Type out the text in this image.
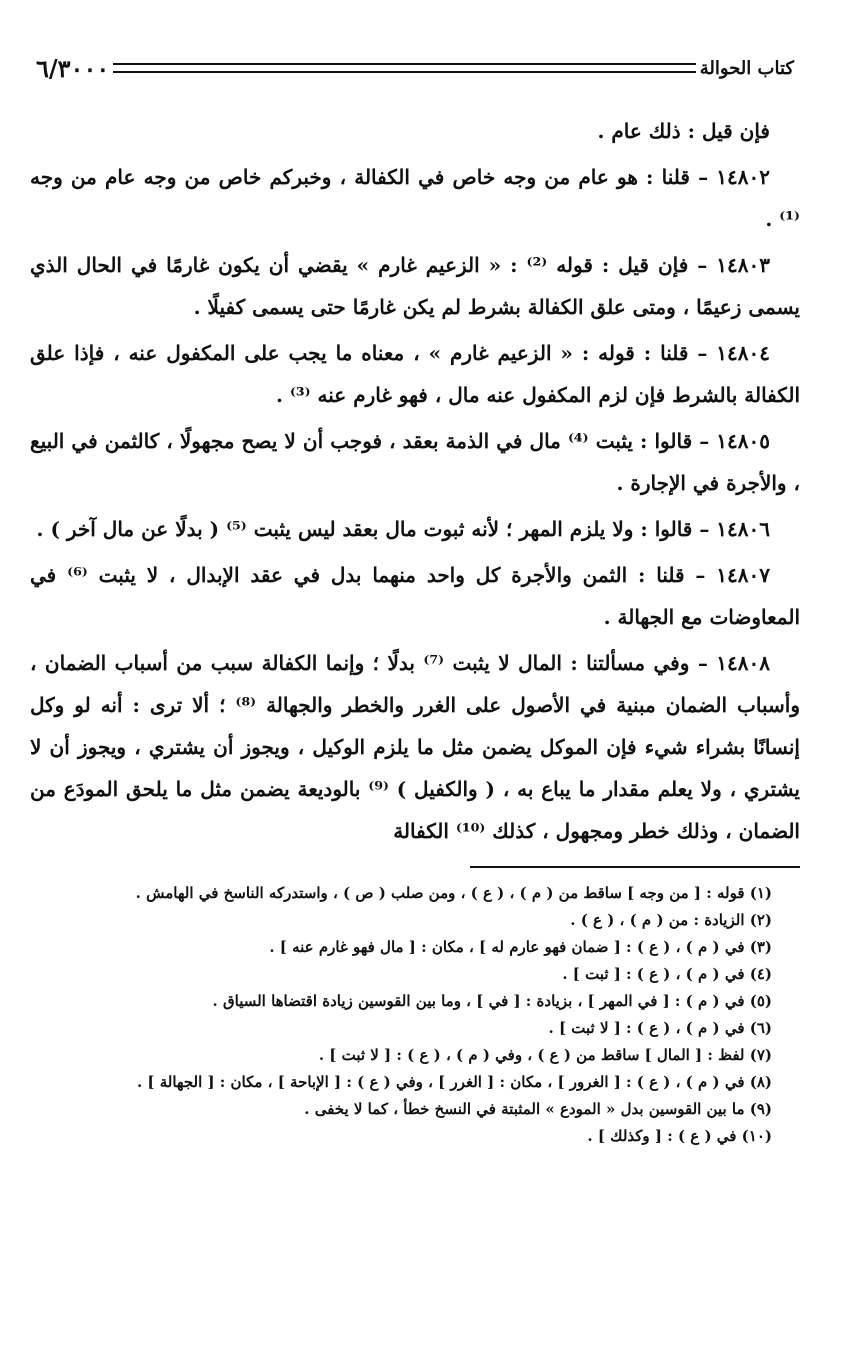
كتاب الحوالة
٦/٣٠٠٠

فإن قيل : ذلك عام .

١٤٨٠٢ – قلنا : هو عام من وجه خاص في الكفالة ، وخبركم خاص من وجه عام من وجه ⁽¹⁾ .

١٤٨٠٣ – فإن قيل : قوله ⁽²⁾ : « الزعيم غارم » يقضي أن يكون غارمًا في الحال الذي يسمى زعيمًا ، ومتى علق الكفالة بشرط لم يكن غارمًا حتى يسمى كفيلًا .

١٤٨٠٤ – قلنا : قوله : « الزعيم غارم » ، معناه ما يجب على المكفول عنه ، فإذا علق الكفالة بالشرط فإن لزم المكفول عنه مال ، فهو غارم عنه ⁽³⁾ .

١٤٨٠٥ – قالوا : يثبت ⁽⁴⁾ مال في الذمة بعقد ، فوجب أن لا يصح مجهولًا ، كالثمن في البيع ، والأجرة في الإجارة .

١٤٨٠٦ – قالوا : ولا يلزم المهر ؛ لأنه ثبوت مال بعقد ليس يثبت ⁽⁵⁾ ( بدلًا عن مال آخر ) .

١٤٨٠٧ – قلنا : الثمن والأجرة كل واحد منهما بدل في عقد الإبدال ، لا يثبت ⁽⁶⁾ في المعاوضات مع الجهالة .

١٤٨٠٨ – وفي مسألتنا : المال لا يثبت ⁽⁷⁾ بدلًا ؛ وإنما الكفالة سبب من أسباب الضمان ، وأسباب الضمان مبنية في الأصول على الغرر والخطر والجهالة ⁽⁸⁾ ؛ ألا ترى : أنه لو وكل إنسانًا بشراء شيء فإن الموكل يضمن مثل ما يلزم الوكيل ، ويجوز أن يشتري ، ويجوز أن لا يشتري ، ولا يعلم مقدار ما يباع به ، ( والكفيل ) ⁽⁹⁾ بالوديعة يضمن مثل ما يلحق المودَع من الضمان ، وذلك خطر ومجهول ، كذلك ⁽¹⁰⁾ الكفالة

(١) قوله : [ من وجه ] ساقط من ( م ) ، ( ع ) ، ومن صلب ( ص ) ، واستدركه الناسخ في الهامش .

(٢) الزيادة : من ( م ) ، ( ع ) .

(٣) في ( م ) ، ( ع ) : [ ضمان فهو عارم له ] ، مكان : [ مال فهو غارم عنه ] .

(٤) في ( م ) ، ( ع ) : [ ثبت ] .

(٥) في ( م ) : [ في المهر ] ، بزيادة : [ في ] ، وما بين القوسين زيادة اقتضاها السياق .

(٦) في ( م ) ، ( ع ) : [ لا ثبت ] .

(٧) لفظ : [ المال ] ساقط من ( ع ) ، وفي ( م ) ، ( ع ) : [ لا ثبت ] .

(٨) في ( م ) ، ( ع ) : [ الغرور ] ، مكان : [ الغرر ] ، وفي ( ع ) : [ الإباحة ] ، مكان : [ الجهالة ] .

(٩) ما بين القوسين بدل « المودع » المثبتة في النسخ خطأ ، كما لا يخفى .

(١٠) في ( ع ) : [ وكذلك ] .
